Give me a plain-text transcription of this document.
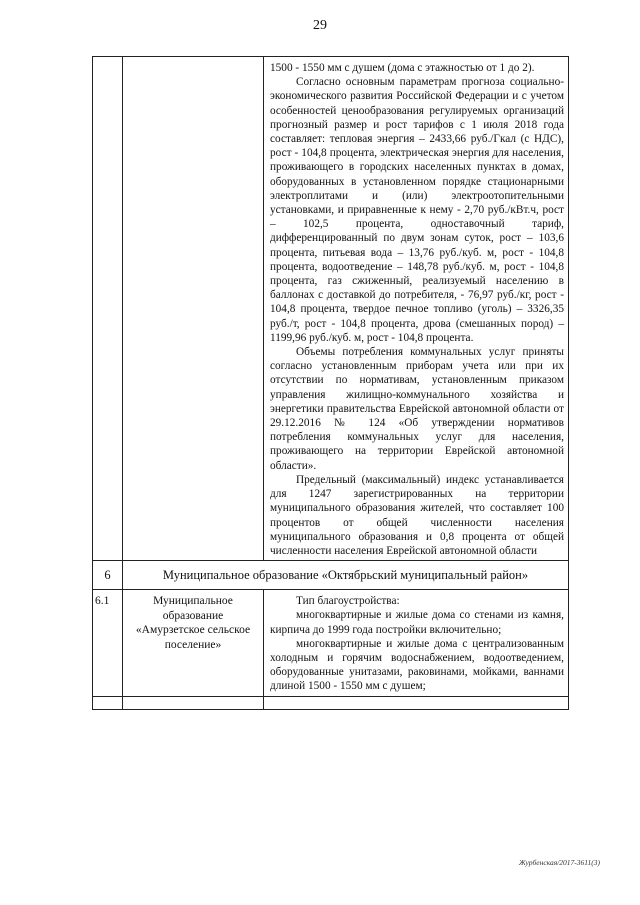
29

		1500 - 1550 мм с душем (дома с этажностью от 1 до 2).

Согласно основным параметрам прогноза социально-экономического развития Российской Федерации и с учетом особенностей ценообразования регулируемых организаций прогнозный размер и рост тарифов с 1 июля 2018 года составляет: тепловая энергия – 2433,66 руб./Гкал (с НДС), рост - 104,8 процента, электрическая энергия для населения, проживающего в городских населенных пунктах в домах, оборудованных в установленном порядке стационарными электроплитами и (или) электроотопительными установками, и приравненные к нему - 2,70 руб./кВт.ч, рост – 102,5 процента, одноставочный тариф, дифференцированный по двум зонам суток, рост – 103,6 процента, питьевая вода – 13,76 руб./куб. м, рост - 104,8 процента, водоотведение – 148,78 руб./куб. м, рост - 104,8 процента, газ сжиженный, реализуемый населению в баллонах с доставкой до потребителя, - 76,97 руб./кг, рост - 104,8 процента, твердое печное топливо (уголь) – 3326,35 руб./т, рост - 104,8 процента, дрова (смешанных пород) – 1199,96 руб./куб. м, рост - 104,8 процента.

Объемы потребления коммунальных услуг приняты согласно установленным приборам учета или при их отсутствии по нормативам, установленным приказом управления жилищно-коммунального хозяйства и энергетики правительства Еврейской автономной области от 29.12.2016 № 124 «Об утверждении нормативов потребления коммунальных услуг для населения, проживающего на территории Еврейской автономной области».

Предельный (максимальный) индекс устанавливается для 1247 зарегистрированных на территории муниципального образования жителей, что составляет 100 процентов от общей численности населения муниципального образования и 0,8 процента от общей численности населения Еврейской автономной области

6	Муниципальное образование «Октябрьский муниципальный район»	
6.1	Муниципальное образование «Амурзетское сельское поселение»	Тип благоустройства:

многоквартирные и жилые дома со стенами из камня, кирпича до 1999 года постройки включительно;

многоквартирные и жилые дома с централизованным холодным и горячим водоснабжением, водоотведением, оборудованные унитазами, раковинами, мойками, ваннами длиной 1500 - 1550 мм с душем;

Журбенская/2017-3611(3)
